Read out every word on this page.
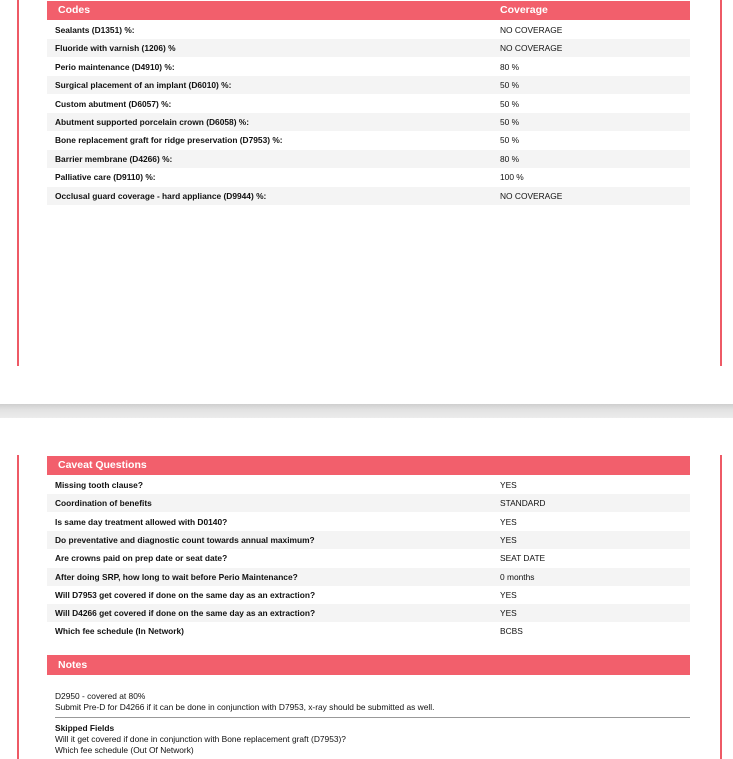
Codes	Coverage
Sealants (D1351) %:	NO COVERAGE
Fluoride with varnish (1206) %	NO COVERAGE
Perio maintenance (D4910) %:	80 %
Surgical placement of an implant (D6010) %:	50 %
Custom abutment (D6057) %:	50 %
Abutment supported porcelain crown (D6058) %:	50 %
Bone replacement graft for ridge preservation (D7953) %:	50 %
Barrier membrane (D4266) %:	80 %
Palliative care (D9110) %:	100 %
Occlusal guard coverage - hard appliance (D9944) %:	NO COVERAGE
Caveat Questions
Missing tooth clause?	YES
Coordination of benefits	STANDARD
Is same day treatment allowed with D0140?	YES
Do preventative and diagnostic count towards annual maximum?	YES
Are crowns paid on prep date or seat date?	SEAT DATE
After doing SRP, how long to wait before Perio Maintenance?	0 months
Will D7953 get covered if done on the same day as an extraction?	YES
Will D4266 get covered if done on the same day as an extraction?	YES
Which fee schedule (In Network)	BCBS
Notes
D2950 - covered at 80%
Submit Pre-D for D4266 if it can be done in conjunction with D7953, x-ray should be submitted as well.
Skipped Fields
Will it get covered if done in conjunction with Bone replacement graft (D7953)?
Which fee schedule (Out Of Network)
